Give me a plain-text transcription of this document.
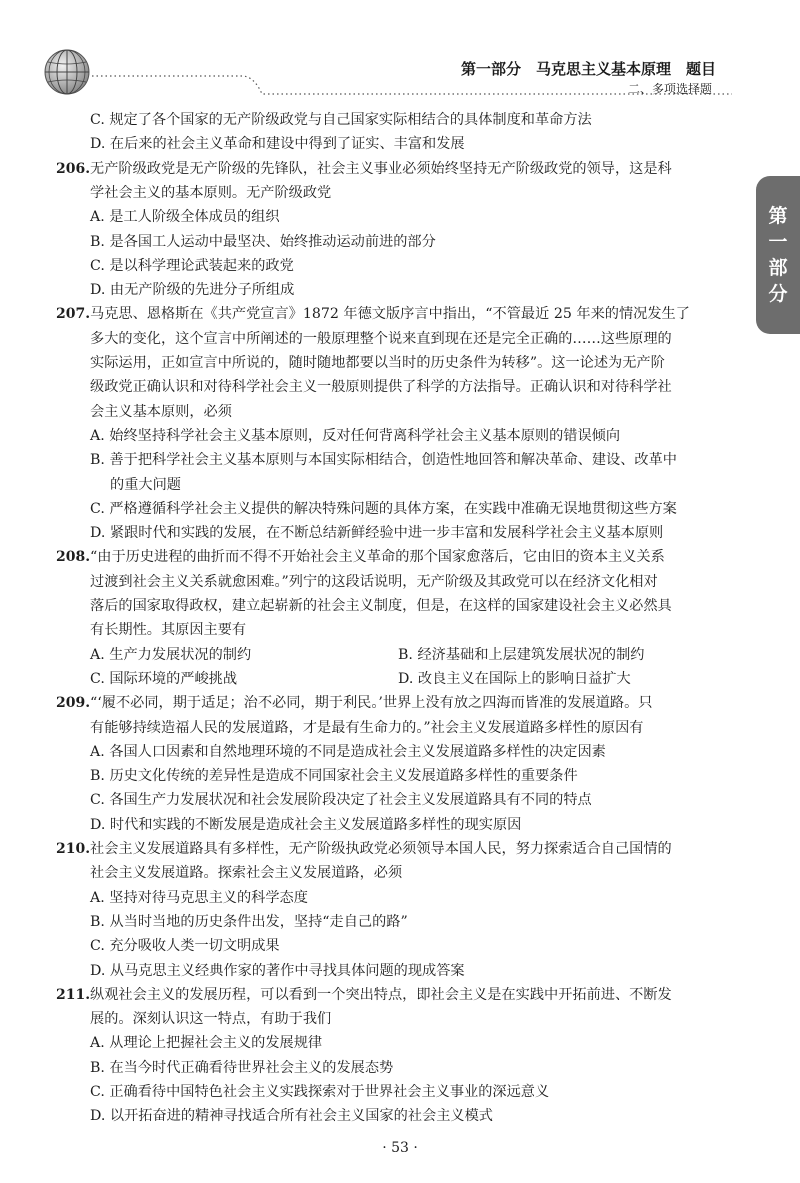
第一部分　马克思主义基本原理　题目
二、多项选择题
第
一
部
分
C. 规定了各个国家的无产阶级政党与自己国家实际相结合的具体制度和革命方法
D. 在后来的社会主义革命和建设中得到了证实、丰富和发展
206. 无产阶级政党是无产阶级的先锋队，社会主义事业必须始终坚持无产阶级政党的领导，这是科
学社会主义的基本原则。无产阶级政党
A. 是工人阶级全体成员的组织
B. 是各国工人运动中最坚决、始终推动运动前进的部分
C. 是以科学理论武装起来的政党
D. 由无产阶级的先进分子所组成
207. 马克思、恩格斯在《共产党宣言》1872 年德文版序言中指出，“不管最近 25 年来的情况发生了
多大的变化，这个宣言中所阐述的一般原理整个说来直到现在还是完全正确的……这些原理的
实际运用，正如宣言中所说的，随时随地都要以当时的历史条件为转移”。这一论述为无产阶
级政党正确认识和对待科学社会主义一般原则提供了科学的方法指导。正确认识和对待科学社
会主义基本原则，必须
A. 始终坚持科学社会主义基本原则，反对任何背离科学社会主义基本原则的错误倾向
B. 善于把科学社会主义基本原则与本国实际相结合，创造性地回答和解决革命、建设、改革中
的重大问题
C. 严格遵循科学社会主义提供的解决特殊问题的具体方案，在实践中准确无误地贯彻这些方案
D. 紧跟时代和实践的发展，在不断总结新鲜经验中进一步丰富和发展科学社会主义基本原则
208. “由于历史进程的曲折而不得不开始社会主义革命的那个国家愈落后，它由旧的资本主义关系
过渡到社会主义关系就愈困难。”列宁的这段话说明，无产阶级及其政党可以在经济文化相对
落后的国家取得政权，建立起崭新的社会主义制度，但是，在这样的国家建设社会主义必然具
有长期性。其原因主要有
A. 生产力发展状况的制约	B. 经济基础和上层建筑发展状况的制约
C. 国际环境的严峻挑战	D. 改良主义在国际上的影响日益扩大
209. “‘履不必同，期于适足；治不必同，期于利民。’世界上没有放之四海而皆准的发展道路。只
有能够持续造福人民的发展道路，才是最有生命力的。”社会主义发展道路多样性的原因有
A. 各国人口因素和自然地理环境的不同是造成社会主义发展道路多样性的决定因素
B. 历史文化传统的差异性是造成不同国家社会主义发展道路多样性的重要条件
C. 各国生产力发展状况和社会发展阶段决定了社会主义发展道路具有不同的特点
D. 时代和实践的不断发展是造成社会主义发展道路多样性的现实原因
210. 社会主义发展道路具有多样性，无产阶级执政党必须领导本国人民，努力探索适合自己国情的
社会主义发展道路。探索社会主义发展道路，必须
A. 坚持对待马克思主义的科学态度
B. 从当时当地的历史条件出发，坚持“走自己的路”
C. 充分吸收人类一切文明成果
D. 从马克思主义经典作家的著作中寻找具体问题的现成答案
211. 纵观社会主义的发展历程，可以看到一个突出特点，即社会主义是在实践中开拓前进、不断发
展的。深刻认识这一特点，有助于我们
A. 从理论上把握社会主义的发展规律
B. 在当今时代正确看待世界社会主义的发展态势
C. 正确看待中国特色社会主义实践探索对于世界社会主义事业的深远意义
D. 以开拓奋进的精神寻找适合所有社会主义国家的社会主义模式
· 53 ·
